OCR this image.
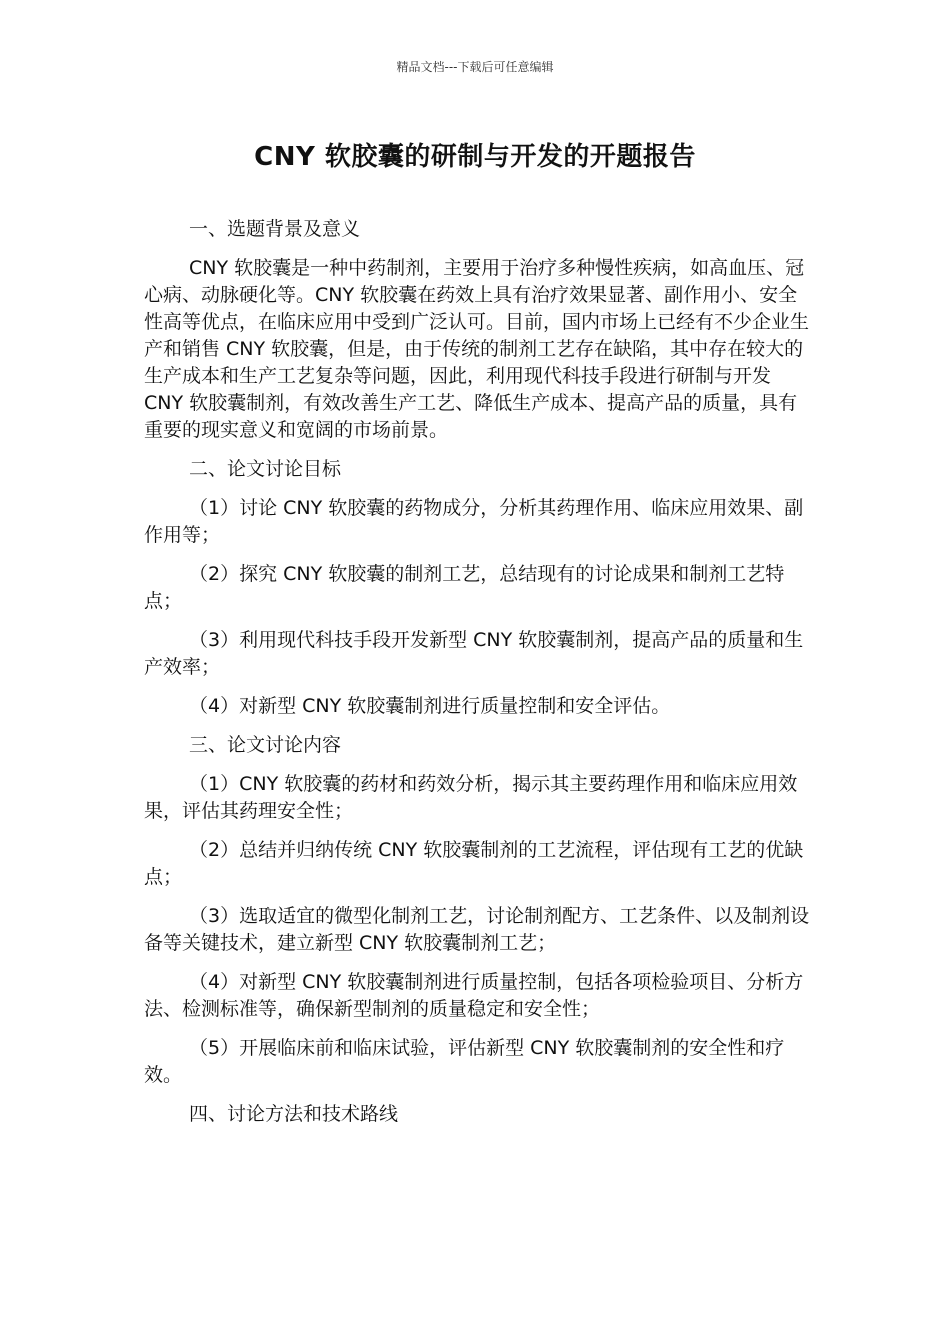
精品文档---下载后可任意编辑
CNY 软胶囊的研制与开发的开题报告
一、选题背景及意义
CNY 软胶囊是一种中药制剂，主要用于治疗多种慢性疾病，如高血压、冠心病、动脉硬化等。CNY 软胶囊在药效上具有治疗效果显著、副作用小、安全性高等优点，在临床应用中受到广泛认可。目前，国内市场上已经有不少企业生产和销售 CNY 软胶囊，但是，由于传统的制剂工艺存在缺陷，其中存在较大的生产成本和生产工艺复杂等问题，因此，利用现代科技手段进行研制与开发 CNY 软胶囊制剂，有效改善生产工艺、降低生产成本、提高产品的质量，具有重要的现实意义和宽阔的市场前景。
二、论文讨论目标
（1）讨论 CNY 软胶囊的药物成分，分析其药理作用、临床应用效果、副作用等；
（2）探究 CNY 软胶囊的制剂工艺，总结现有的讨论成果和制剂工艺特点；
（3）利用现代科技手段开发新型 CNY 软胶囊制剂，提高产品的质量和生产效率；
（4）对新型 CNY 软胶囊制剂进行质量控制和安全评估。
三、论文讨论内容
（1）CNY 软胶囊的药材和药效分析，揭示其主要药理作用和临床应用效果，评估其药理安全性；
（2）总结并归纳传统 CNY 软胶囊制剂的工艺流程，评估现有工艺的优缺点；
（3）选取适宜的微型化制剂工艺，讨论制剂配方、工艺条件、以及制剂设备等关键技术，建立新型 CNY 软胶囊制剂工艺；
（4）对新型 CNY 软胶囊制剂进行质量控制，包括各项检验项目、分析方法、检测标准等，确保新型制剂的质量稳定和安全性；
（5）开展临床前和临床试验，评估新型 CNY 软胶囊制剂的安全性和疗效。
四、讨论方法和技术路线
